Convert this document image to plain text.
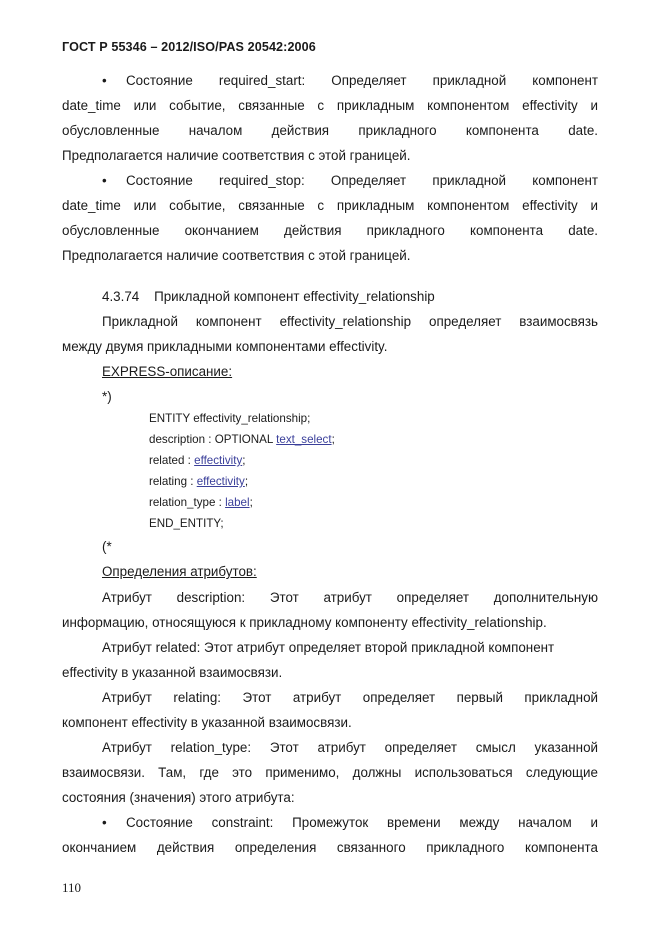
ГОСТ Р 55346 – 2012/ISO/PAS 20542:2006
• Состояние required_start: Определяет прикладной компонент
date_time или событие, связанные с прикладным компонентом effectivity и
обусловленные началом действия прикладного компонента date.
Предполагается наличие соответствия с этой границей.
• Состояние required_stop: Определяет прикладной компонент
date_time или событие, связанные с прикладным компонентом effectivity и
обусловленные окончанием действия прикладного компонента date.
Предполагается наличие соответствия с этой границей.
4.3.74    Прикладной компонент effectivity_relationship
Прикладной компонент effectivity_relationship определяет взаимосвязь
между двумя прикладными компонентами effectivity.
EXPRESS-описание:
*)
ENTITY effectivity_relationship;
description : OPTIONAL text_select;
related : effectivity;
relating : effectivity;
relation_type : label;
END_ENTITY;
(*
Определения атрибутов:
Атрибут description: Этот атрибут определяет дополнительную
информацию, относящуюся к прикладному компоненту effectivity_relationship.
Атрибут related: Этот атрибут определяет второй прикладной компонент
effectivity в указанной взаимосвязи.
Атрибут relating: Этот атрибут определяет первый прикладной
компонент effectivity в указанной взаимосвязи.
Атрибут relation_type: Этот атрибут определяет смысл указанной
взаимосвязи. Там, где это применимо, должны использоваться следующие
состояния (значения) этого атрибута:
• Состояние constraint: Промежуток времени между началом и
окончанием действия определения связанного прикладного компонента
110
